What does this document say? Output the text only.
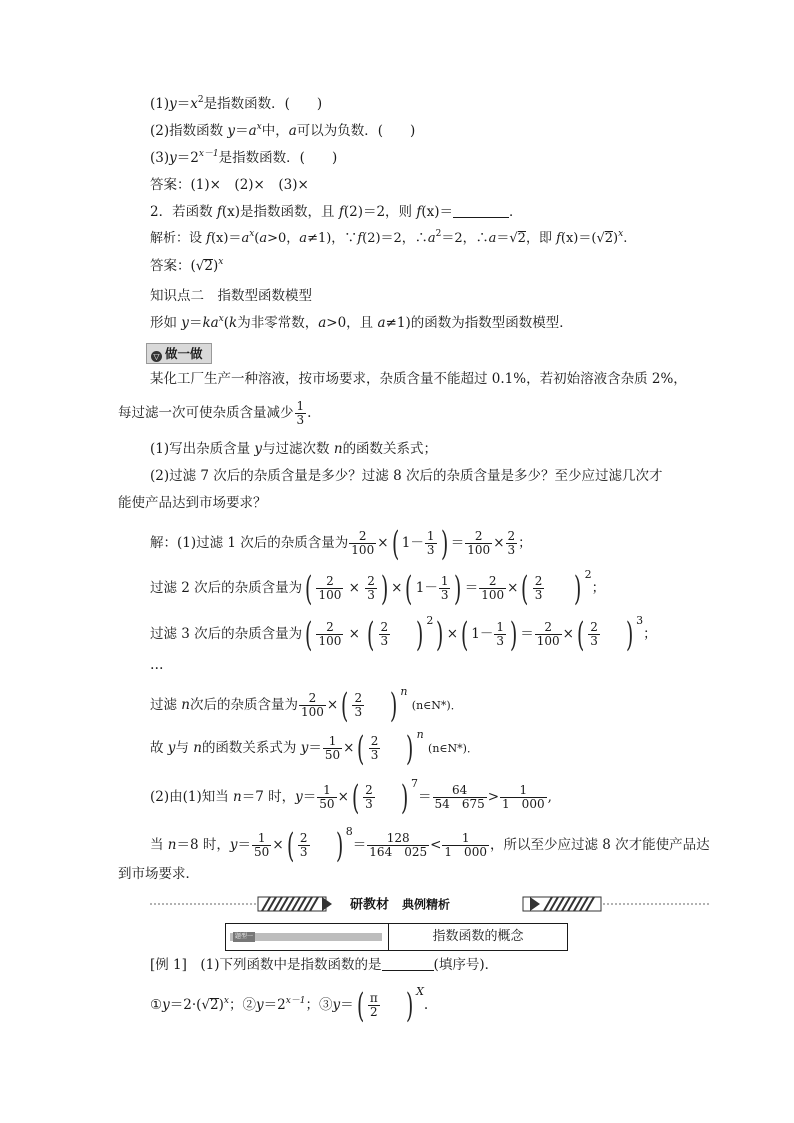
$(1)y=x^2$是指数函数．(　　)
(2)指数函数 $y=a^x$中，a可以为负数．(　　)
$(3)y=2^{x-1}$是指数函数．(　　)
答案：(1)×　(2)×　(3)×
2．若函数 f(x)是指数函数，且 f(2)＝2，则 f(x)＝	．
解析：设 $f(x)=a^x(a>0$，a≠1)，∵f(2)＝2，$\therefore a^2=2$，∴a＝√2，即 $f(x)=(√2)^x$.
答案：$(√2)^x$
知识点二　指数型函数模型
形如 $y=ka^x(k$为非零常数，a>0，且 a≠1)的函数为指数型函数模型．
▽ 做一做
某化工厂生产一种溶液，按市场要求，杂质含量不能超过 0.1%，若初始溶液含杂质 2%，
每过滤一次可使杂质含量减少 $\frac{1}{3}$ .
(1)写出杂质含量 y与过滤次数 n的函数关系式；
(2)过滤 7 次后的杂质含量是多少？过滤 8 次后的杂质含量是多少？至少应过滤几次才
能使产品达到市场要求？
解：(1)过滤 1 次后的杂质含量为 $\frac{2}{100}$ ×( $1- \frac{1}{3}$ ) ＝ $\frac{2}{100} \times \frac{2}{3}$ ；
过滤 2 次后的杂质含量为( $\frac{2}{100} \times \frac{2}{3}$ ) ×( $1- \frac{1}{3}$ ) ＝ $\frac{2}{100}$ ×( $\frac{2}{3}$ ) $^2$；
过滤 3 次后的杂质含量为( $\frac{2}{100}$ × ( $\frac{2}{3}$ ) $^2$) ×( $1- \frac{1}{3}$ ) ＝ $\frac{2}{100}$ ×( $\frac{2}{3}$ ) $^3$；
…
过滤 n次后的杂质含量为 $\frac{2}{100}$ ×( $\frac{2}{3}$ ) $^n$ (n∈N*)．
故 y与 n的函数关系式为 $y= \frac{1}{50}$ ×( $\frac{2}{3}$ ) $^n$ (n∈N*)．
(2)由(1)知当 n＝7 时，$y= \frac{1}{50}$ ×( $\frac{2}{3}$ ) $^7= \frac{64}{54 675} > \frac{1}{1 000}$ ,
当 n＝8 时，$y= \frac{1}{50}$ ×( $\frac{2}{3}$ ) $^8= \frac{128}{164 025} < \frac{1}{1 000}$ ，所以至少应过滤 8 次才能使产品达
到市场要求．
研教材 典例精析
题型一	指数函数的概念
[例 1]　(1)下列函数中是指数函数的是	(填序号)．
$①y=2\cdot(√2)^x$；$②y=2^{x-1}$；③y＝( $\frac{\pi}{2}$ ) $^X$.
